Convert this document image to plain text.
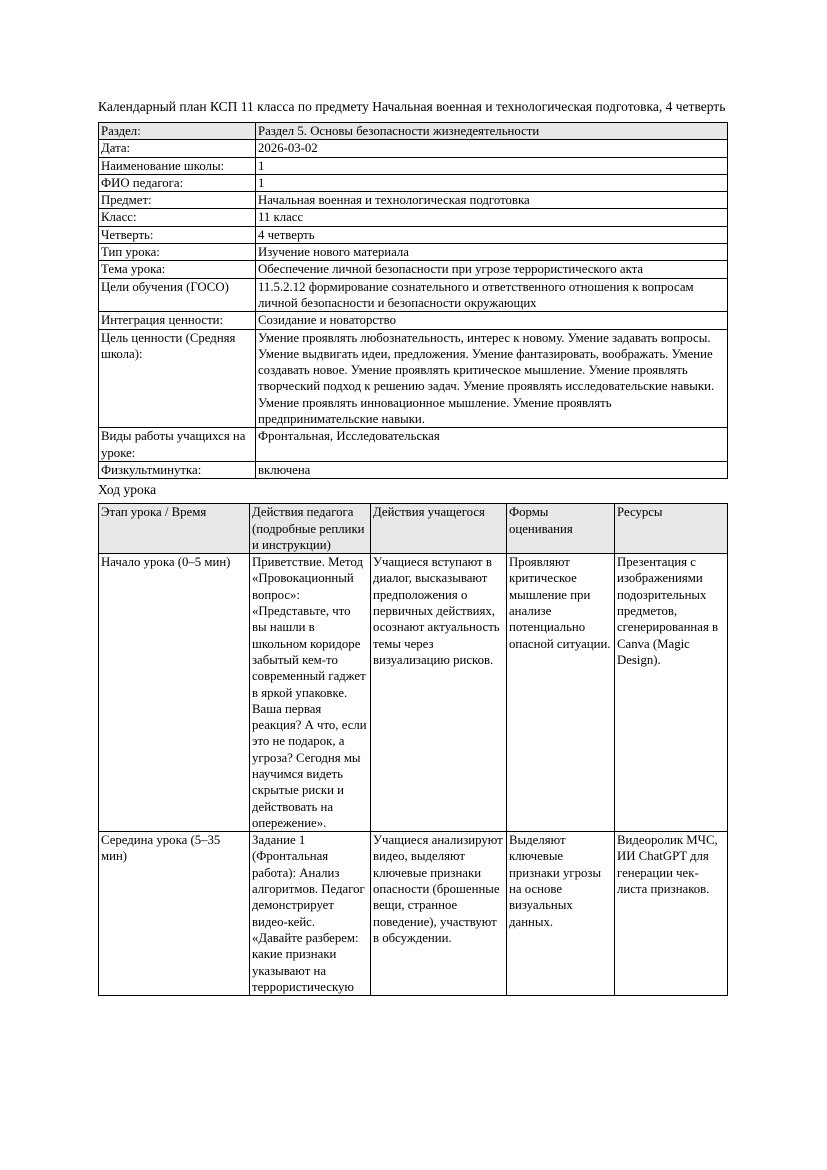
Календарный план КСП 11 класса по предмету Начальная военная и технологическая подготовка, 4 четверть

Раздел:	Раздел 5. Основы безопасности жизнедеятельности
Дата:	2026-03-02
Наименование школы:	1
ФИО педагога:	1
Предмет:	Начальная военная и технологическая подготовка
Класс:	11 класс
Четверть:	4 четверть
Тип урока:	Изучение нового материала
Тема урока:	Обеспечение личной безопасности при угрозе террористического акта
Цели обучения (ГОСО)	11.5.2.12 формирование сознательного и ответственного отношения к вопросам личной безопасности и безопасности окружающих
Интеграция ценности:	Созидание и новаторство
Цель ценности (Средняя школа):	Умение проявлять любознательность, интерес к новому. Умение задавать вопросы. Умение выдвигать идеи, предложения. Умение фантазировать, воображать. Умение создавать новое. Умение проявлять критическое мышление. Умение проявлять творческий подход к решению задач. Умение проявлять исследовательские навыки. Умение проявлять инновационное мышление. Умение проявлять предпринимательские навыки.
Виды работы учащихся на уроке:	Фронтальная, Исследовательская
Физкультминутка:	включена
Ход урока
Этап урока / Время	Действия педагога (подробные реплики и инструкции)	Действия учащегося	Формы оценивания	Ресурсы
Начало урока (0–5 мин)	Приветствие. Метод «Провокационный вопрос»: «Представьте, что вы нашли в школьном коридоре забытый кем-то современный гаджет в яркой упаковке. Ваша первая реакция? А что, если это не подарок, а угроза? Сегодня мы научимся видеть скрытые риски и действовать на опережение».	Учащиеся вступают в диалог, высказывают предположения о первичных действиях, осознают актуальность темы через визуализацию рисков.	Проявляют критическое мышление при анализе потенциально опасной ситуации.	Презентация с изображениями подозрительных предметов, сгенерированная в Canva (Magic Design).
Середина урока (5–35 мин)	Задание 1 (Фронтальная работа): Анализ алгоритмов. Педагог демонстрирует видео-кейс. «Давайте разберем: какие признаки указывают на террористическую	Учащиеся анализируют видео, выделяют ключевые признаки опасности (брошенные вещи, странное поведение), участвуют в обсуждении.	Выделяют ключевые признаки угрозы на основе визуальных данных.	Видеоролик МЧС, ИИ ChatGPT для генерации чек-листа признаков.
